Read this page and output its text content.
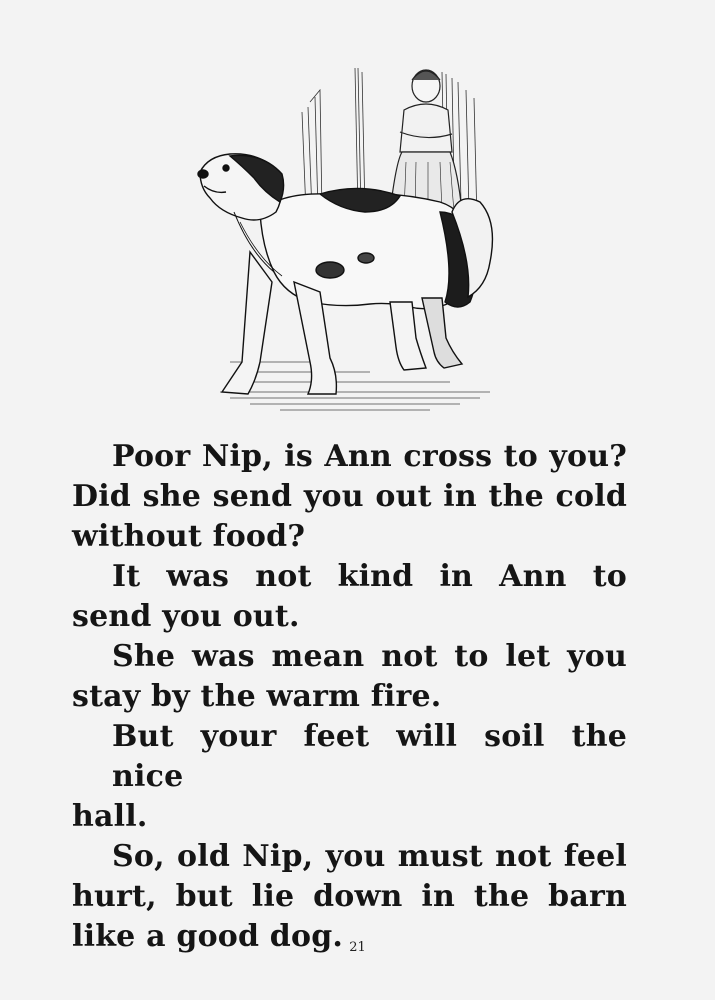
Poor Nip, is Ann cross to you?
Did she send you out in the cold
without food?

It was not kind in Ann to
send you out.

She was mean not to let you
stay by the warm fire.

But your feet will soil the nice
hall.

So, old Nip, you must not feel
hurt, but lie down in the barn
like a good dog. 21
